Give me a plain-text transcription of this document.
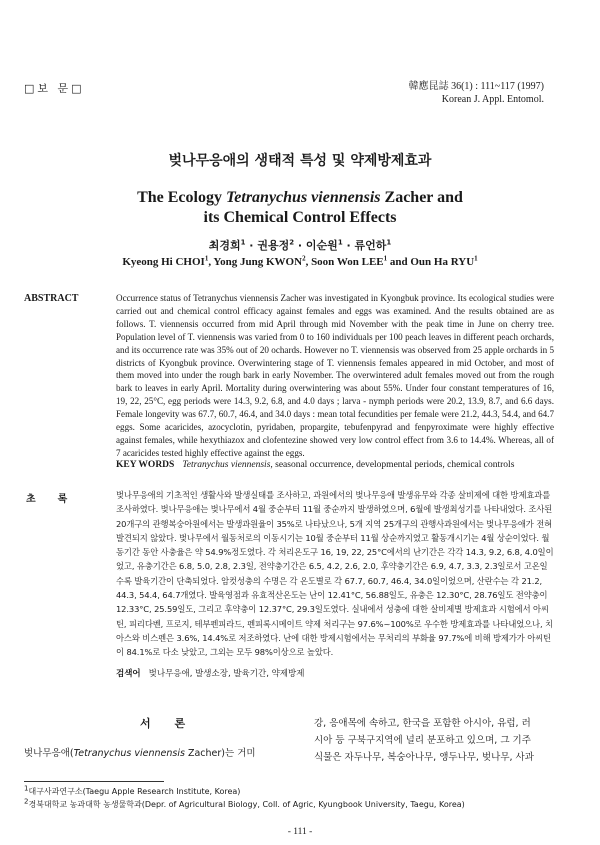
□보 문□	韓應昆誌 36(1) : 111~117 (1997)
Korean J. Appl. Entomol.
벚나무응애의 생태적 특성 및 약제방제효과
The Ecology Tetranychus viennensis Zacher and
its Chemical Control Effects
최경희$^1$ · 권용정$^2$ · 이순원$^1$ · 류언하$^1$
Kyeong Hi CHOI$^1$, Yong Jung KWON$^2$, Soon Won LEE$^1$ and Oun Ha RYU$^1$
ABSTRACT	Occurrence status of Tetranychus viennensis Zacher was investigated in Kyongbuk province. Its ecological studies were carried out and chemical control efficacy against females and eggs was examined. And the results obtained are as follows. T. viennensis occurred from mid April through mid November with the peak time in June on cherry tree. Population level of T. viennensis was varied from 0 to 160 individuals per 100 peach leaves in different peach orchards, and its occurrence rate was 35% out of 20 ochards. However no T. viennensis was observed from 25 apple orchards in 5 districts of Kyongbuk province. Overwintering stage of T. viennensis females appeared in mid October, and most of them moved into under the rough bark in early November. The overwintered adult females moved out from the rough bark to leaves in early April. Mortality during overwintering was about 55%. Under four constant temperatures of 16, 19, 22, 25°C, egg periods were 14.3, 9.2, 6.8, and 4.0 days ; larva - nymph periods were 20.2, 13.9, 8.7, and 6.6 days. Female longevity was 67.7, 60.7, 46.4, and 34.0 days : mean total fecundities per female were 21.2, 44.3, 54.4, and 64.7 eggs. Some acaricides, azocyclotin, pyridaben, propargite, tebufenpyrad and fenpyroximate were highly effective against females, while hexythiazox and clofentezine showed very low control effect from 3.6 to 14.4%. Whereas, all of 7 acaricides tested highly effective against the eggs.
KEY WORDS Tetranychus viennensis, seasonal occurrence, developmental periods, chemical controls
초 록	벚나무응애의 기초적인 생활사와 발생실태를 조사하고, 과원에서의 벚나무응애 발생유무와 각종 살비제에 대한 방제효과를 조사하였다. 벚나무응애는 벚나무에서 4월 중순부터 11월 중순까지 발생하였으며, 6월에 발생최성기를 나타내었다. 조사된 20개구의 관행복숭아원에서는 발생과원율이 35%로 나타났으나, 5개 지역 25개구의 관행사과원에서는 벚나무응애가 전혀 발견되지 않았다. 벚나무에서 월동처로의 이동시기는 10월 중순부터 11월 상순까지였고 활동개시기는 4월 상순이었다. 월동기간 동안 사충율은 약 54.9%정도였다. 각 처리온도구 16, 19, 22, 25°C에서의 난기간은 각각 14.3, 9.2, 6.8, 4.0일이었고, 유충기간은 6.8, 5.0, 2.8, 2.3일, 전약충기간은 6.5, 4.2, 2.6, 2.0, 후약충기간은 6.9, 4.7, 3.3, 2.3일로서 고온일수록 발육기간이 단축되었다. 암컷성충의 수명은 각 온도별로 각 67.7, 60.7, 46.4, 34.0일이었으며, 산란수는 각 21.2, 44.3, 54.4, 64.7개였다. 발육영점과 유효적산온도는 난이 12.41°C, 56.88일도, 유충은 12.30°C, 28.76일도 전약충이 12.33°C, 25.59일도, 그리고 후약충이 12.37°C, 29.3일도였다. 실내에서 성충에 대한 살비제별 방제효과 시험에서 아씨틴, 피리다벤, 프로지, 테부펜피라드, 펜피록시메이트 약제 처리구는 97.6%~100%로 우수한 방제효과를 나타내었으나, 치아스와 비스펜은 3.6%, 14.4%로 저조하였다. 난에 대한 방제시험에서는 무처리의 부화율 97.7%에 비해 방제가가 아씨틴이 84.1%로 다소 낮았고, 그외는 모두 98%이상으로 높았다.
검색어 벚나무응애, 발생소장, 발육기간, 약제방제
서 론
벚나무응애(Tetranychus viennensis Zacher)는 거미
강, 응애목에 속하고, 한국을 포함한 아시아, 유럽, 러
시아 등 구북구지역에 널리 분포하고 있으며, 그 기주
식물은 자두나무, 복숭아나무, 앵두나무, 벚나무, 사과
$^1$대구사과연구소(Taegu Apple Research Institute, Korea)
$^2$경북대학교 농과대학 농생물학과(Depr. of Agricultural Biology, Coll. of Agric, Kyungbook University, Taegu, Korea)
- 111 -
